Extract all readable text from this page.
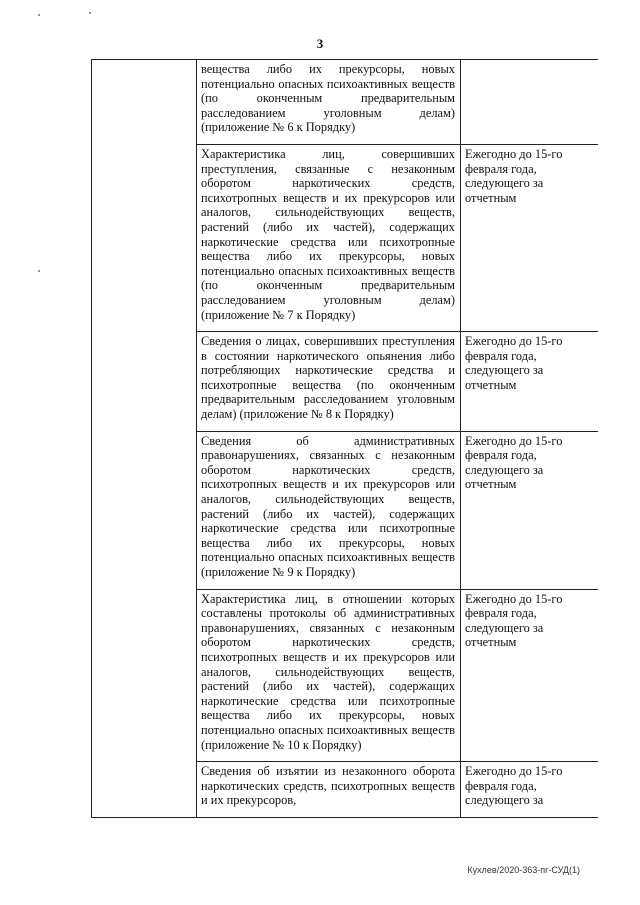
3
	вещества либо их прекурсоры, новых потенциально опасных психоактивных веществ (по оконченным предварительным расследованием уголовным делам) (приложение № 6 к Порядку)	
	Характеристика лиц, совершивших преступления, связанные с незаконным оборотом наркотических средств, психотропных веществ и их прекурсоров или аналогов, сильнодействующих веществ, растений (либо их частей), содержащих наркотические средства или психотропные вещества либо их прекурсоры, новых потенциально опасных психоактивных веществ (по оконченным предварительным расследованием уголовным делам) (приложение № 7 к Порядку)	Ежегодно до 15-го февраля года, следующего за отчетным
	Сведения о лицах, совершивших преступления в состоянии наркотического опьянения либо потребляющих наркотические средства и психотропные вещества (по оконченным предварительным расследованием уголовным делам) (приложение № 8 к Порядку)	Ежегодно до 15-го февраля года, следующего за отчетным
	Сведения об административных правонарушениях, связанных с незаконным оборотом наркотических средств, психотропных веществ и их прекурсоров или аналогов, сильнодействующих веществ, растений (либо их частей), содержащих наркотические средства или психотропные вещества либо их прекурсоры, новых потенциально опасных психоактивных веществ (приложение № 9 к Порядку)	Ежегодно до 15-го февраля года, следующего за отчетным
	Характеристика лиц, в отношении которых составлены протоколы об административных правонарушениях, связанных с незаконным оборотом наркотических средств, психотропных веществ и их прекурсоров или аналогов, сильнодействующих веществ, растений (либо их частей), содержащих наркотические средства или психотропные вещества либо их прекурсоры, новых потенциально опасных психоактивных веществ (приложение № 10 к Порядку)	Ежегодно до 15-го февраля года, следующего за отчетным
	Сведения об изъятии из незаконного оборота наркотических средств, психотропных веществ и их прекурсоров,	Ежегодно до 15-го февраля года, следующего за
Кухлев/2020-363-пг-СУД(1)
